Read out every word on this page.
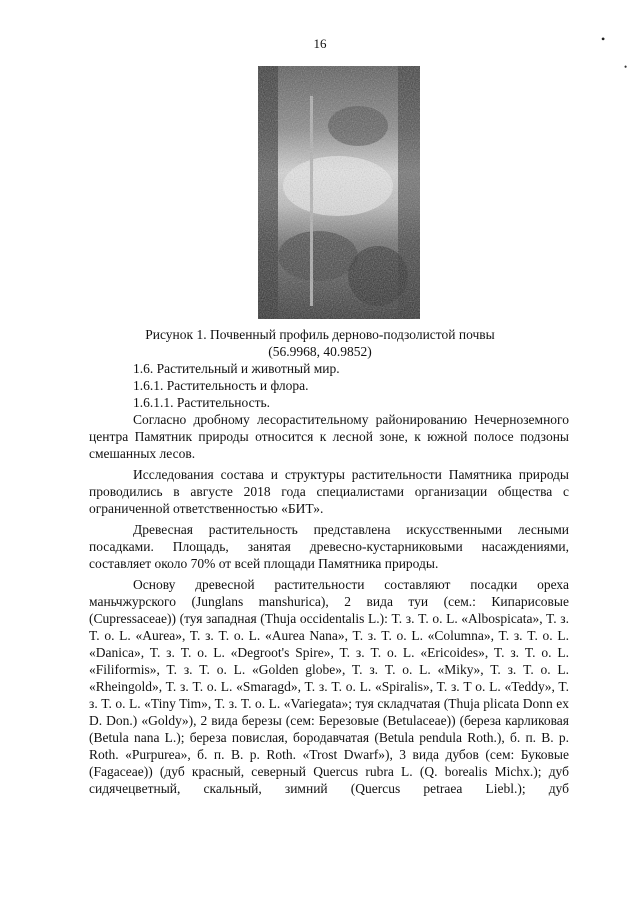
16	•
•
Рисунок 1. Почвенный профиль дерново-подзолистой почвы
(56.9968, 40.9852)

1.6. Растительный и животный мир.

1.6.1. Растительность и флора.

1.6.1.1. Растительность.

Согласно дробному лесорастительному районированию Нечерноземного центра Памятник природы относится к лесной зоне, к южной полосе подзоны смешанных лесов.

Исследования состава и структуры растительности Памятника природы проводились в августе 2018 года специалистами организации общества с ограниченной ответственностью «БИТ».

Древесная растительность представлена искусственными лесными посадками. Площадь, занятая древесно-кустарниковыми насаждениями, составляет около 70% от всей площади Памятника природы.

Основу древесной растительности составляют посадки ореха маньчжурского (Junglans manshurica), 2 вида туи (сем.: Кипарисовые (Cupressaceae)) (туя западная (Thuja occidentalis L.): T. з. T. o. L. «Albospicata», T. з. T. o. L. «Aurea», T. з. T. o. L. «Aurea Nana», T. з. T. o. L. «Columna», T. з. T. o. L. «Danica», T. з. T. o. L. «Degroot's Spire», T. з. T. o. L. «Ericoides», T. з. T. o. L. «Filiformis», T. з. T. o. L. «Golden globe», T. з. T. o. L. «Miky», T. з. T. o. L. «Rheingold», T. з. T. o. L. «Smaragd», T. з. T. o. L. «Spiralis», T. з. T o. L. «Teddy», T. з. T. o. L. «Tiny Tim», T. з. T. o. L. «Variegata»; туя складчатая (Thuja plicata Donn ex D. Don.) «Goldy»), 2 вида березы (сем: Березовые (Betulaceae)) (береза карликовая (Betula nana L.); береза повислая, бородавчатая (Betula pendula Roth.), б. п. В. р. Roth. «Purpurea», б. п. В. р. Roth. «Trost Dwarf»), 3 вида дубов (сем: Буковые (Fagaceae)) (дуб красный, северный Quercus rubra L. (Q. borealis Michx.); дуб сидячецветный, скальный, зимний (Quercus petraea Liebl.); дуб
